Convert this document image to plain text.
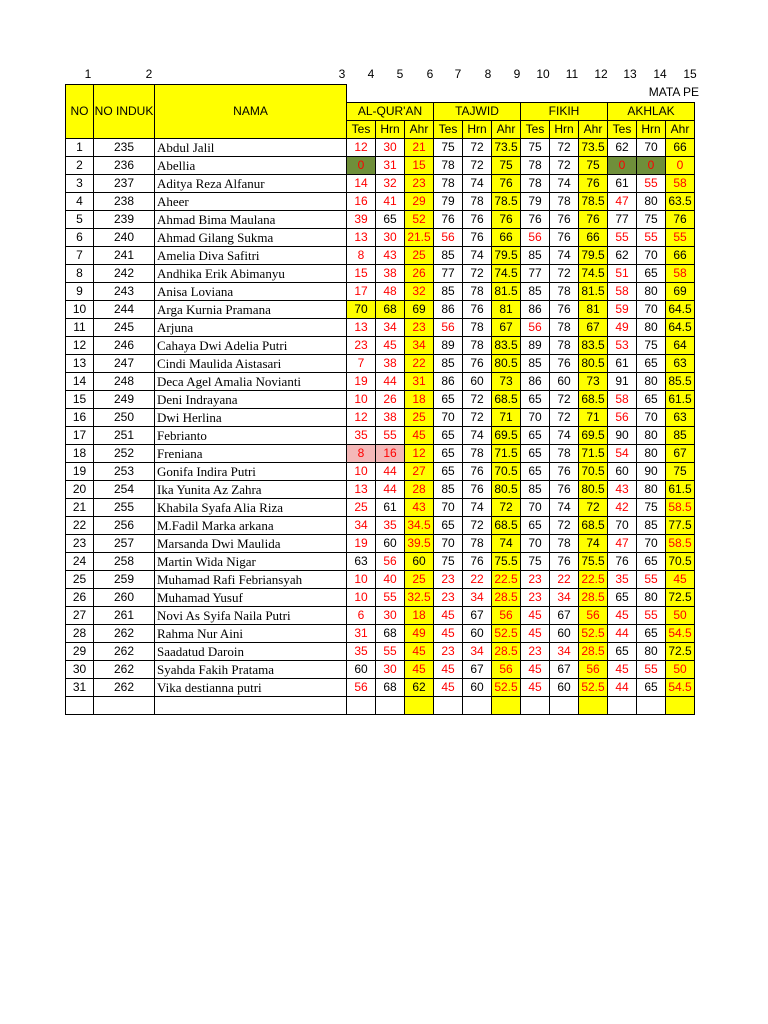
1	2	3 4 5 6 7 8 9 10 11 12 13 14 15
MATA PE
NO	NO INDUK	NAMA												
			AL-QUR'AN			TAJWID			FIKIH			AKHLAK		
			Tes	Hrn	Ahr	Tes	Hrn	Ahr	Tes	Hrn	Ahr	Tes	Hrn	Ahr
1	235	Abdul Jalil	12	30	21	75	72	73.5	75	72	73.5	62	70	66
2	236	Abellia	0	31	15	78	72	75	78	72	75	0	0	0
3	237	Aditya Reza Alfanur	14	32	23	78	74	76	78	74	76	61	55	58
4	238	Aheer	16	41	29	79	78	78.5	79	78	78.5	47	80	63.5
5	239	Ahmad Bima Maulana	39	65	52	76	76	76	76	76	76	77	75	76
6	240	Ahmad Gilang Sukma	13	30	21.5	56	76	66	56	76	66	55	55	55
7	241	Amelia Diva Safitri	8	43	25	85	74	79.5	85	74	79.5	62	70	66
8	242	Andhika Erik Abimanyu	15	38	26	77	72	74.5	77	72	74.5	51	65	58
9	243	Anisa Loviana	17	48	32	85	78	81.5	85	78	81.5	58	80	69
10	244	Arga Kurnia Pramana	70	68	69	86	76	81	86	76	81	59	70	64.5
11	245	Arjuna	13	34	23	56	78	67	56	78	67	49	80	64.5
12	246	Cahaya Dwi Adelia Putri	23	45	34	89	78	83.5	89	78	83.5	53	75	64
13	247	Cindi Maulida Aistasari	7	38	22	85	76	80.5	85	76	80.5	61	65	63
14	248	Deca Agel Amalia Novianti	19	44	31	86	60	73	86	60	73	91	80	85.5
15	249	Deni Indrayana	10	26	18	65	72	68.5	65	72	68.5	58	65	61.5
16	250	Dwi Herlina	12	38	25	70	72	71	70	72	71	56	70	63
17	251	Febrianto	35	55	45	65	74	69.5	65	74	69.5	90	80	85
18	252	Freniana	8	16	12	65	78	71.5	65	78	71.5	54	80	67
19	253	Gonifa Indira Putri	10	44	27	65	76	70.5	65	76	70.5	60	90	75
20	254	Ika Yunita Az Zahra	13	44	28	85	76	80.5	85	76	80.5	43	80	61.5
21	255	Khabila Syafa Alia Riza	25	61	43	70	74	72	70	74	72	42	75	58.5
22	256	M.Fadil Marka arkana	34	35	34.5	65	72	68.5	65	72	68.5	70	85	77.5
23	257	Marsanda Dwi Maulida	19	60	39.5	70	78	74	70	78	74	47	70	58.5
24	258	Martin Wida Nigar	63	56	60	75	76	75.5	75	76	75.5	76	65	70.5
25	259	Muhamad Rafi Febriansyah	10	40	25	23	22	22.5	23	22	22.5	35	55	45
26	260	Muhamad Yusuf	10	55	32.5	23	34	28.5	23	34	28.5	65	80	72.5
27	261	Novi As Syifa Naila Putri	6	30	18	45	67	56	45	67	56	45	55	50
28	262	Rahma Nur Aini	31	68	49	45	60	52.5	45	60	52.5	44	65	54.5
29	262	Saadatud Daroin	35	55	45	23	34	28.5	23	34	28.5	65	80	72.5
30	262	Syahda Fakih Pratama	60	30	45	45	67	56	45	67	56	45	55	50
31	262	Vika destianna putri	56	68	62	45	60	52.5	45	60	52.5	44	65	54.5
